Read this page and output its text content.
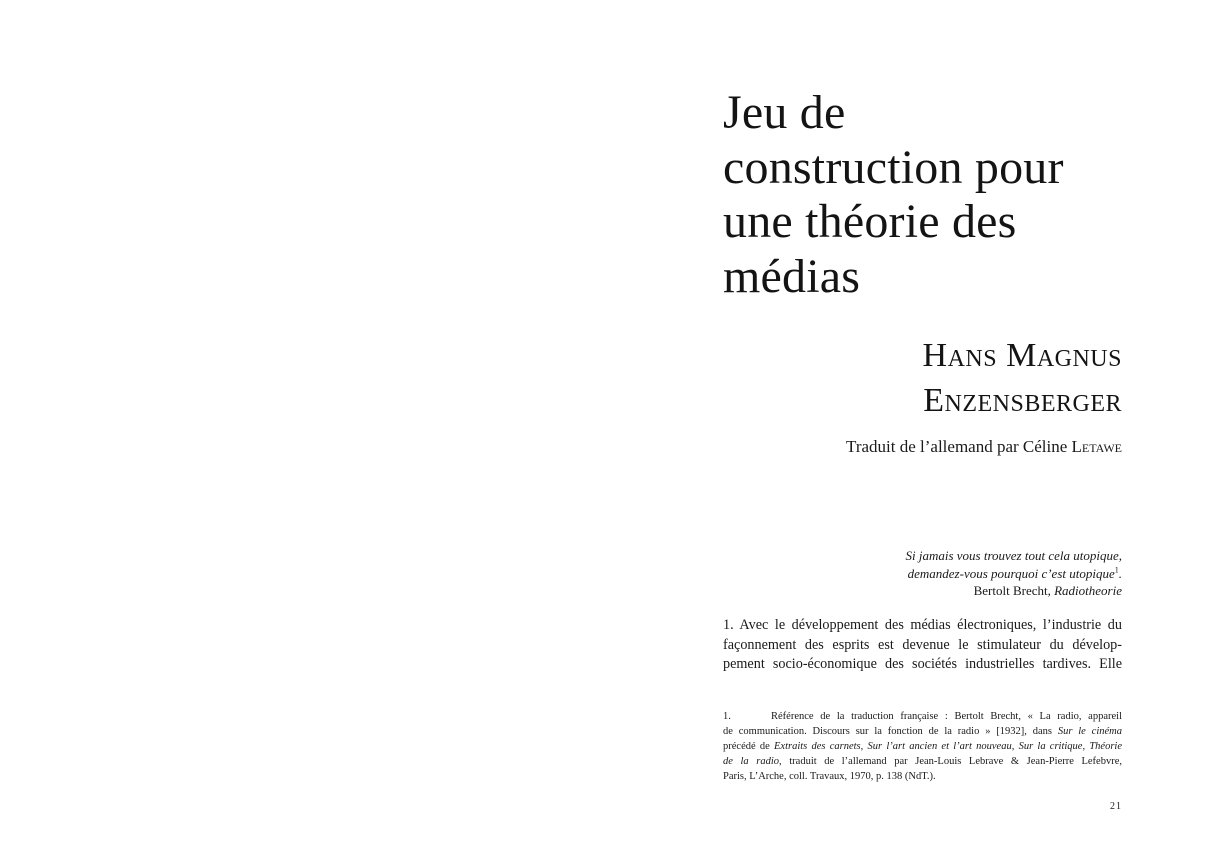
Jeu de
construction pour
une théorie des
médias
Hans Magnus
Enzensberger
Traduit de l’allemand par Céline Letawe
Si jamais vous trouvez tout cela utopique,
demandez-vous pourquoi c’est utopique$^1$.
Bertolt Brecht, Radiotheorie
1. Avec le développement des médias électroniques, l’industrie du
façonnement des esprits est devenue le stimulateur du dévelop-
pement socio-économique des sociétés industrielles tardives. Elle
1.	Référence de la traduction française : Bertolt Brecht, « La radio, appareil
de communication. Discours sur la fonction de la radio » [1932], dans Sur le cinéma
précédé de Extraits des carnets, Sur l’art ancien et l’art nouveau, Sur la critique, Théorie
de la radio, traduit de l’allemand par Jean-Louis Lebrave & Jean-Pierre Lefebvre,
Paris, L’Arche, coll. Travaux, 1970, p. 138 (NdT.).
21
